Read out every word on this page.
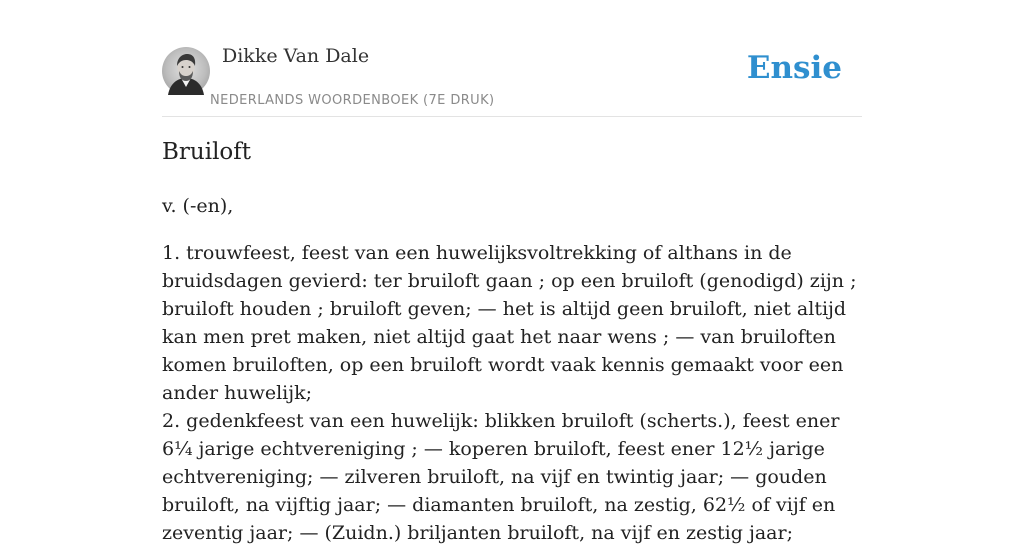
Dikke Van Dale
NEDERLANDS WOORDENBOEK (7E DRUK)
Ensie
Bruiloft

v. (-en),

1. trouwfeest, feest van een huwelijksvoltrekking of althans in de bruidsdagen gevierd: ter bruiloft gaan ; op een bruiloft (genodigd) zijn ; bruiloft houden ; bruiloft geven; — het is altijd geen bruiloft, niet altijd kan men pret maken, niet altijd gaat het naar wens ; — van bruiloften komen bruiloften, op een bruiloft wordt vaak kennis gemaakt voor een ander huwelijk;

2. gedenkfeest van een huwelijk: blikken bruiloft (scherts.), feest ener 6¼ jarige echtvereniging ; — koperen bruiloft, feest ener 12½ jarige echtvereniging; — zilveren bruiloft, na vijf en twintig jaar; — gouden bruiloft, na vijftig jaar; — diamanten bruiloft, na zestig, 62½ of vijf en zeventig jaar; — (Zuidn.) briljanten bruiloft, na vijf en zestig jaar;
